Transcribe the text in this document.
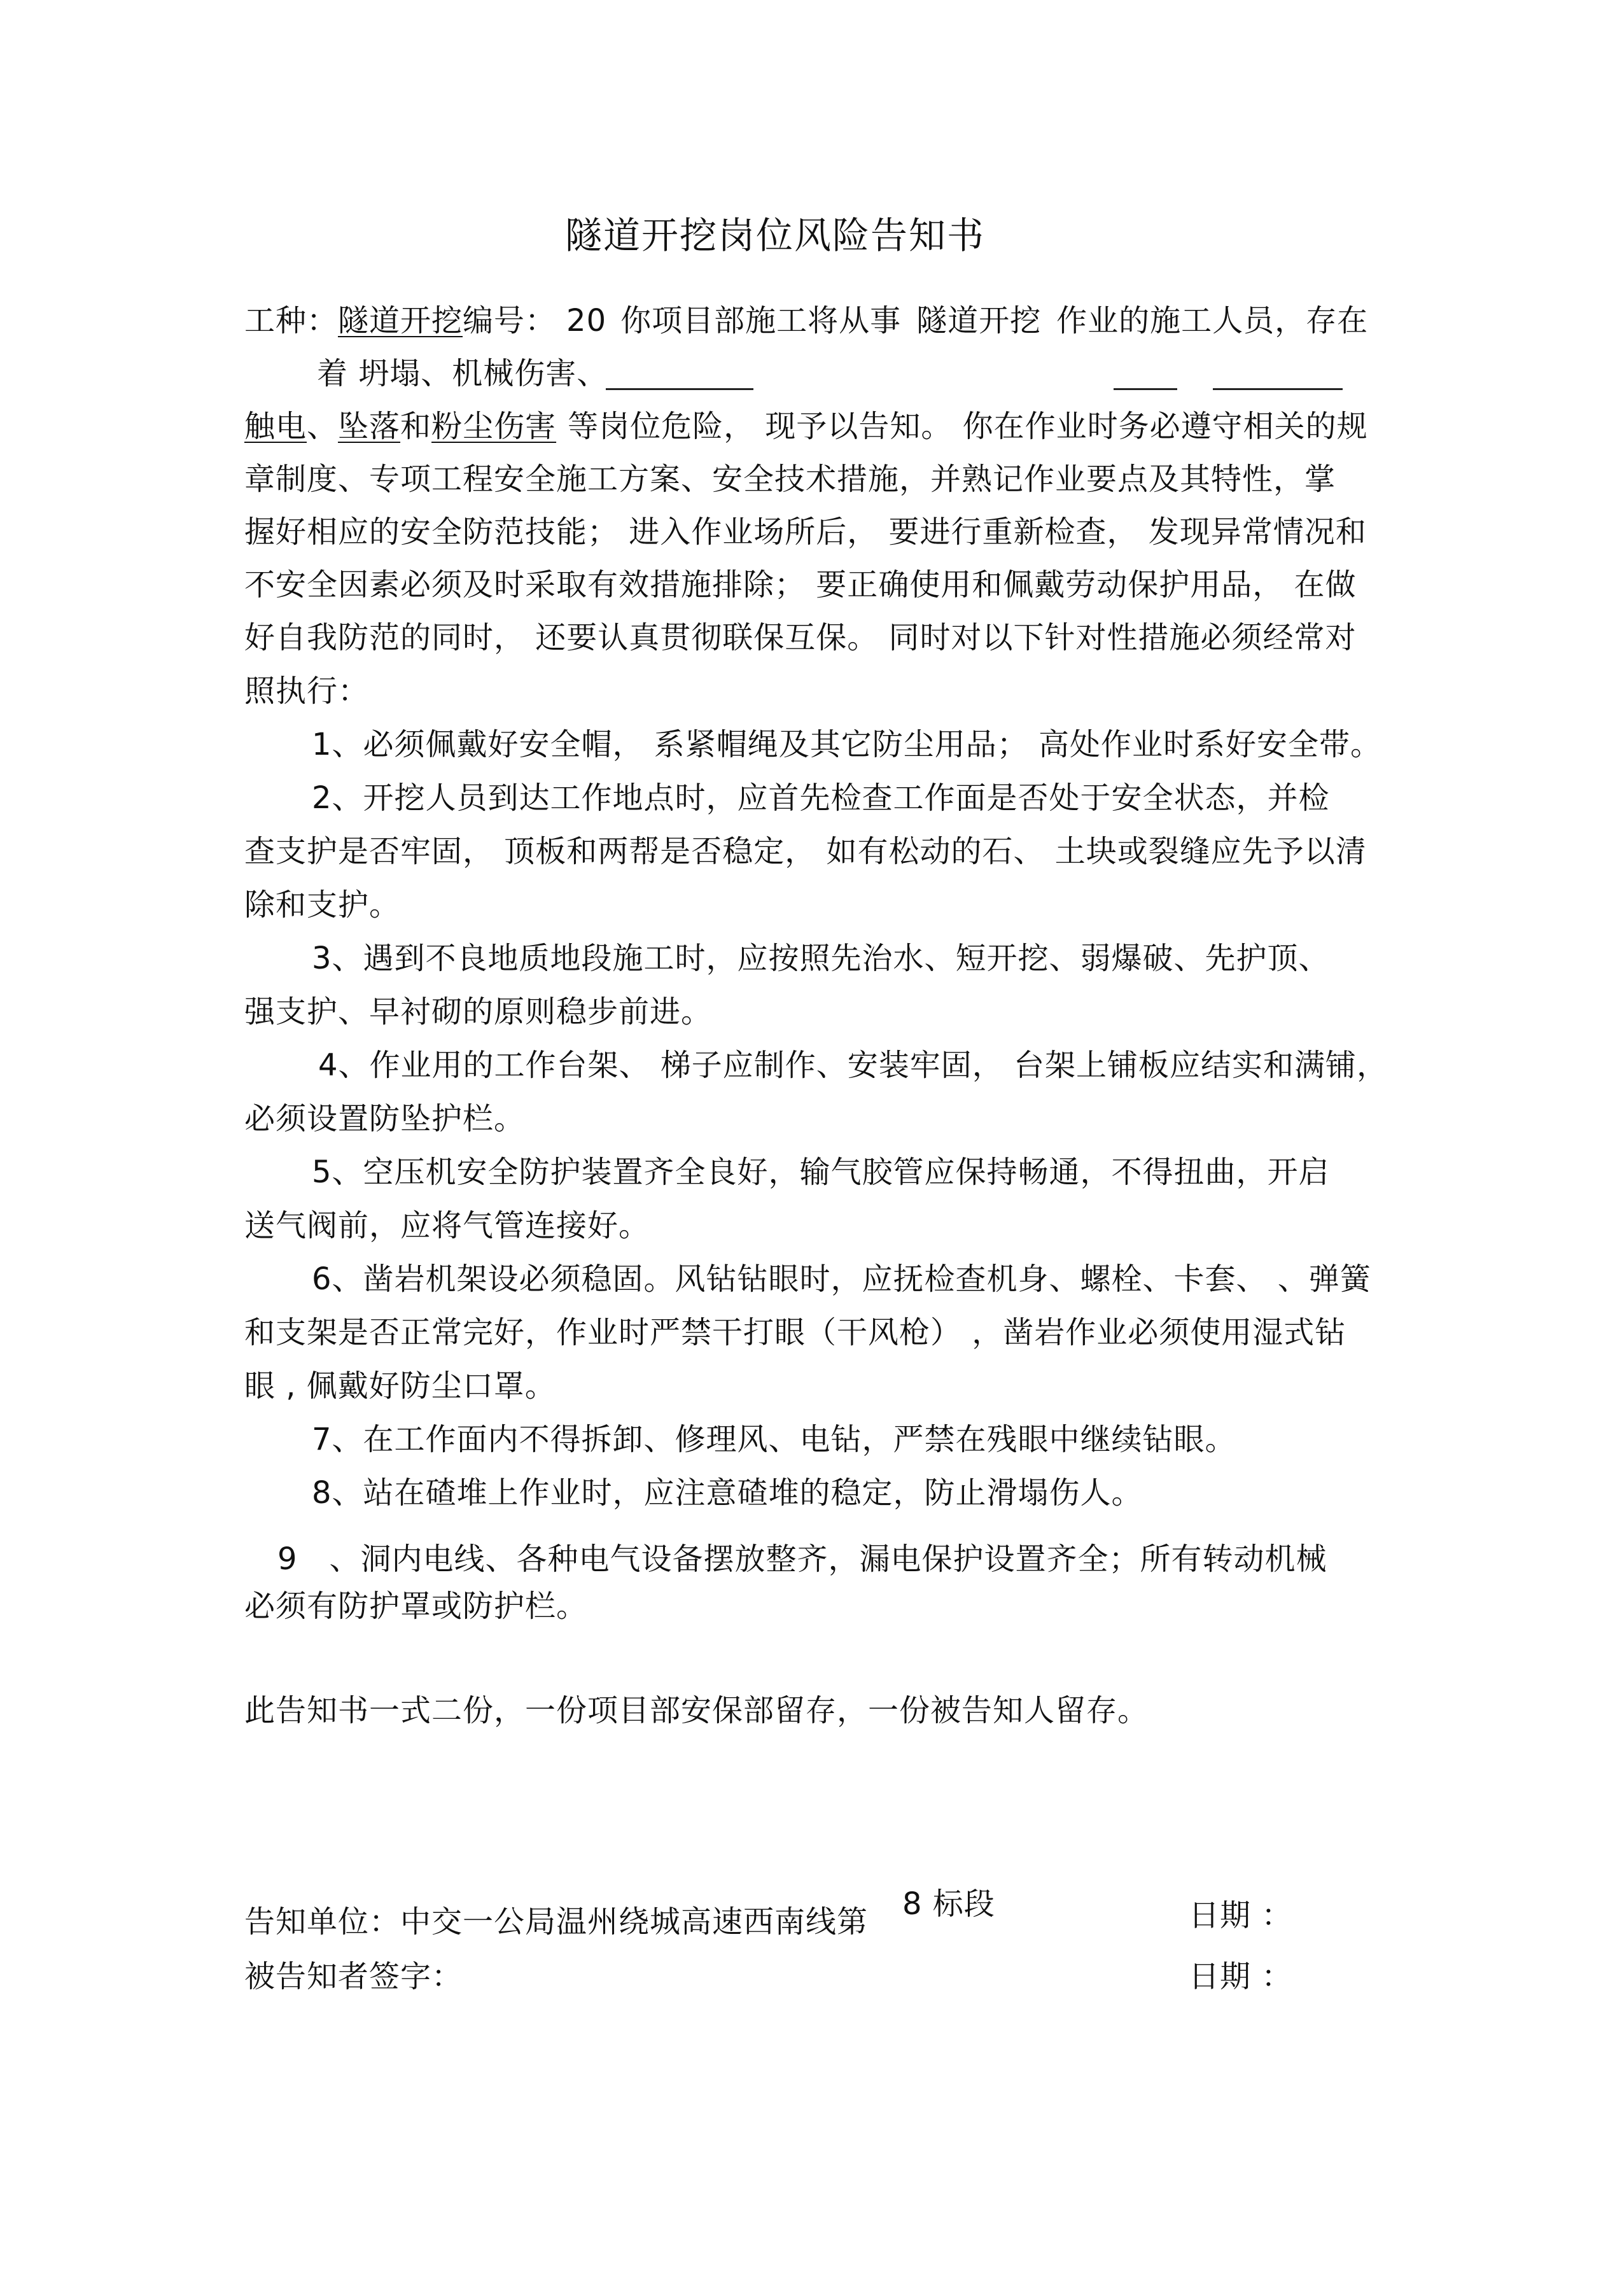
隧道开挖岗位风险告知书
工种：隧道开挖编号： 20 你项目部施工将从事 隧道开挖 作业的施工人员，存在
着 坍塌、机械伤害、
触电、坠落和粉尘伤害 等岗位危险， 现予以告知。 你在作业时务必遵守相关的规
章制度、专项工程安全施工方案、安全技术措施，并熟记作业要点及其特性，掌
握好相应的安全防范技能； 进入作业场所后， 要进行重新检查， 发现异常情况和
不安全因素必须及时采取有效措施排除； 要正确使用和佩戴劳动保护用品， 在做
好自我防范的同时， 还要认真贯彻联保互保。 同时对以下针对性措施必须经常对
照执行：
1、必须佩戴好安全帽， 系紧帽绳及其它防尘用品； 高处作业时系好安全带。
2、开挖人员到达工作地点时，应首先检查工作面是否处于安全状态，并检
查支护是否牢固， 顶板和两帮是否稳定， 如有松动的石、 土块或裂缝应先予以清
除和支护。
3、遇到不良地质地段施工时，应按照先治水、短开挖、弱爆破、先护顶、
强支护、早衬砌的原则稳步前进。
4、作业用的工作台架、 梯子应制作、安装牢固， 台架上铺板应结实和满铺，
必须设置防坠护栏。
5、空压机安全防护装置齐全良好，输气胶管应保持畅通，不得扭曲，开启
送气阀前，应将气管连接好。
6、凿岩机架设必须稳固。风钻钻眼时，应抚检查机身、螺栓、卡套、 、弹簧
和支架是否正常完好，作业时严禁干打眼（干风枪） ，凿岩作业必须使用湿式钻
眼 , 佩戴好防尘口罩。
7、在工作面内不得拆卸、修理风、电钻，严禁在残眼中继续钻眼。
8、站在碴堆上作业时，应注意碴堆的稳定，防止滑塌伤人。
9 、洞内电线、各种电气设备摆放整齐，漏电保护设置齐全；所有转动机械
必须有防护罩或防护栏。
此告知书一式二份，一份项目部安保部留存，一份被告知人留存。
告知单位：中交一公局温州绕城高速西南线第 8 标段	日期 ：
被告知者签字：	日期 ：
